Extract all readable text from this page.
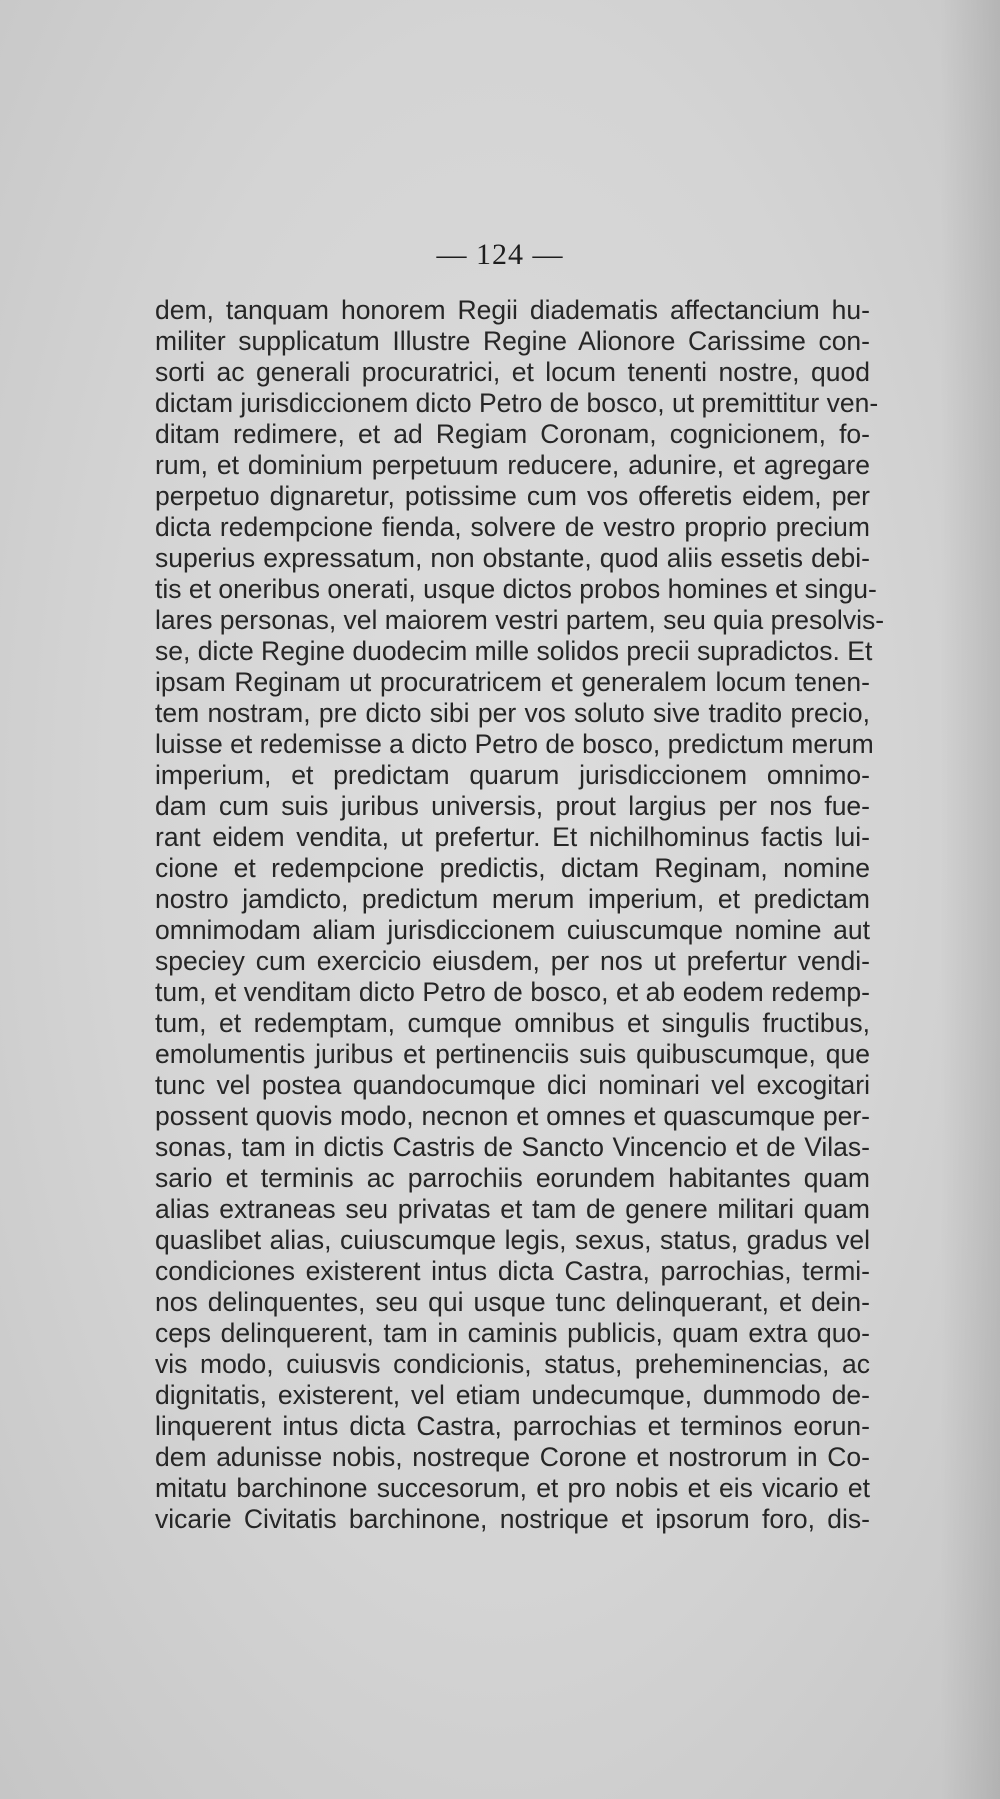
— 124 —
dem, tanquam honorem Regii diadematis affectancium hu-
militer supplicatum Illustre Regine Alionore Carissime con-
sorti ac generali procuratrici, et locum tenenti nostre, quod
dictam jurisdiccionem dicto Petro de bosco, ut premittitur ven-
ditam redimere, et ad Regiam Coronam, cognicionem, fo-
rum, et dominium perpetuum reducere, adunire, et agregare
perpetuo dignaretur, potissime cum vos offeretis eidem, per
dicta redempcione fienda, solvere de vestro proprio precium
superius expressatum, non obstante, quod aliis essetis debi-
tis et oneribus onerati, usque dictos probos homines et singu-
lares personas, vel maiorem vestri partem, seu quia presolvis-
se, dicte Regine duodecim mille solidos precii supradictos. Et
ipsam Reginam ut procuratricem et generalem locum tenen-
tem nostram, pre dicto sibi per vos soluto sive tradito precio,
luisse et redemisse a dicto Petro de bosco, predictum merum
imperium, et predictam quarum jurisdiccionem omnimo-
dam cum suis juribus universis, prout largius per nos fue-
rant eidem vendita, ut prefertur. Et nichilhominus factis lui-
cione et redempcione predictis, dictam Reginam, nomine
nostro jamdicto, predictum merum imperium, et predictam
omnimodam aliam jurisdiccionem cuiuscumque nomine aut
speciey cum exercicio eiusdem, per nos ut prefertur vendi-
tum, et venditam dicto Petro de bosco, et ab eodem redemp-
tum, et redemptam, cumque omnibus et singulis fructibus,
emolumentis juribus et pertinenciis suis quibuscumque, que
tunc vel postea quandocumque dici nominari vel excogitari
possent quovis modo, necnon et omnes et quascumque per-
sonas, tam in dictis Castris de Sancto Vincencio et de Vilas-
sario et terminis ac parrochiis eorundem habitantes quam
alias extraneas seu privatas et tam de genere militari quam
quaslibet alias, cuiuscumque legis, sexus, status, gradus vel
condiciones existerent intus dicta Castra, parrochias, termi-
nos delinquentes, seu qui usque tunc delinquerant, et dein-
ceps delinquerent, tam in caminis publicis, quam extra quo-
vis modo, cuiusvis condicionis, status, preheminencias, ac
dignitatis, existerent, vel etiam undecumque, dummodo de-
linquerent intus dicta Castra, parrochias et terminos eorun-
dem adunisse nobis, nostreque Corone et nostrorum in Co-
mitatu barchinone succesorum, et pro nobis et eis vicario et
vicarie Civitatis barchinone, nostrique et ipsorum foro, dis-
